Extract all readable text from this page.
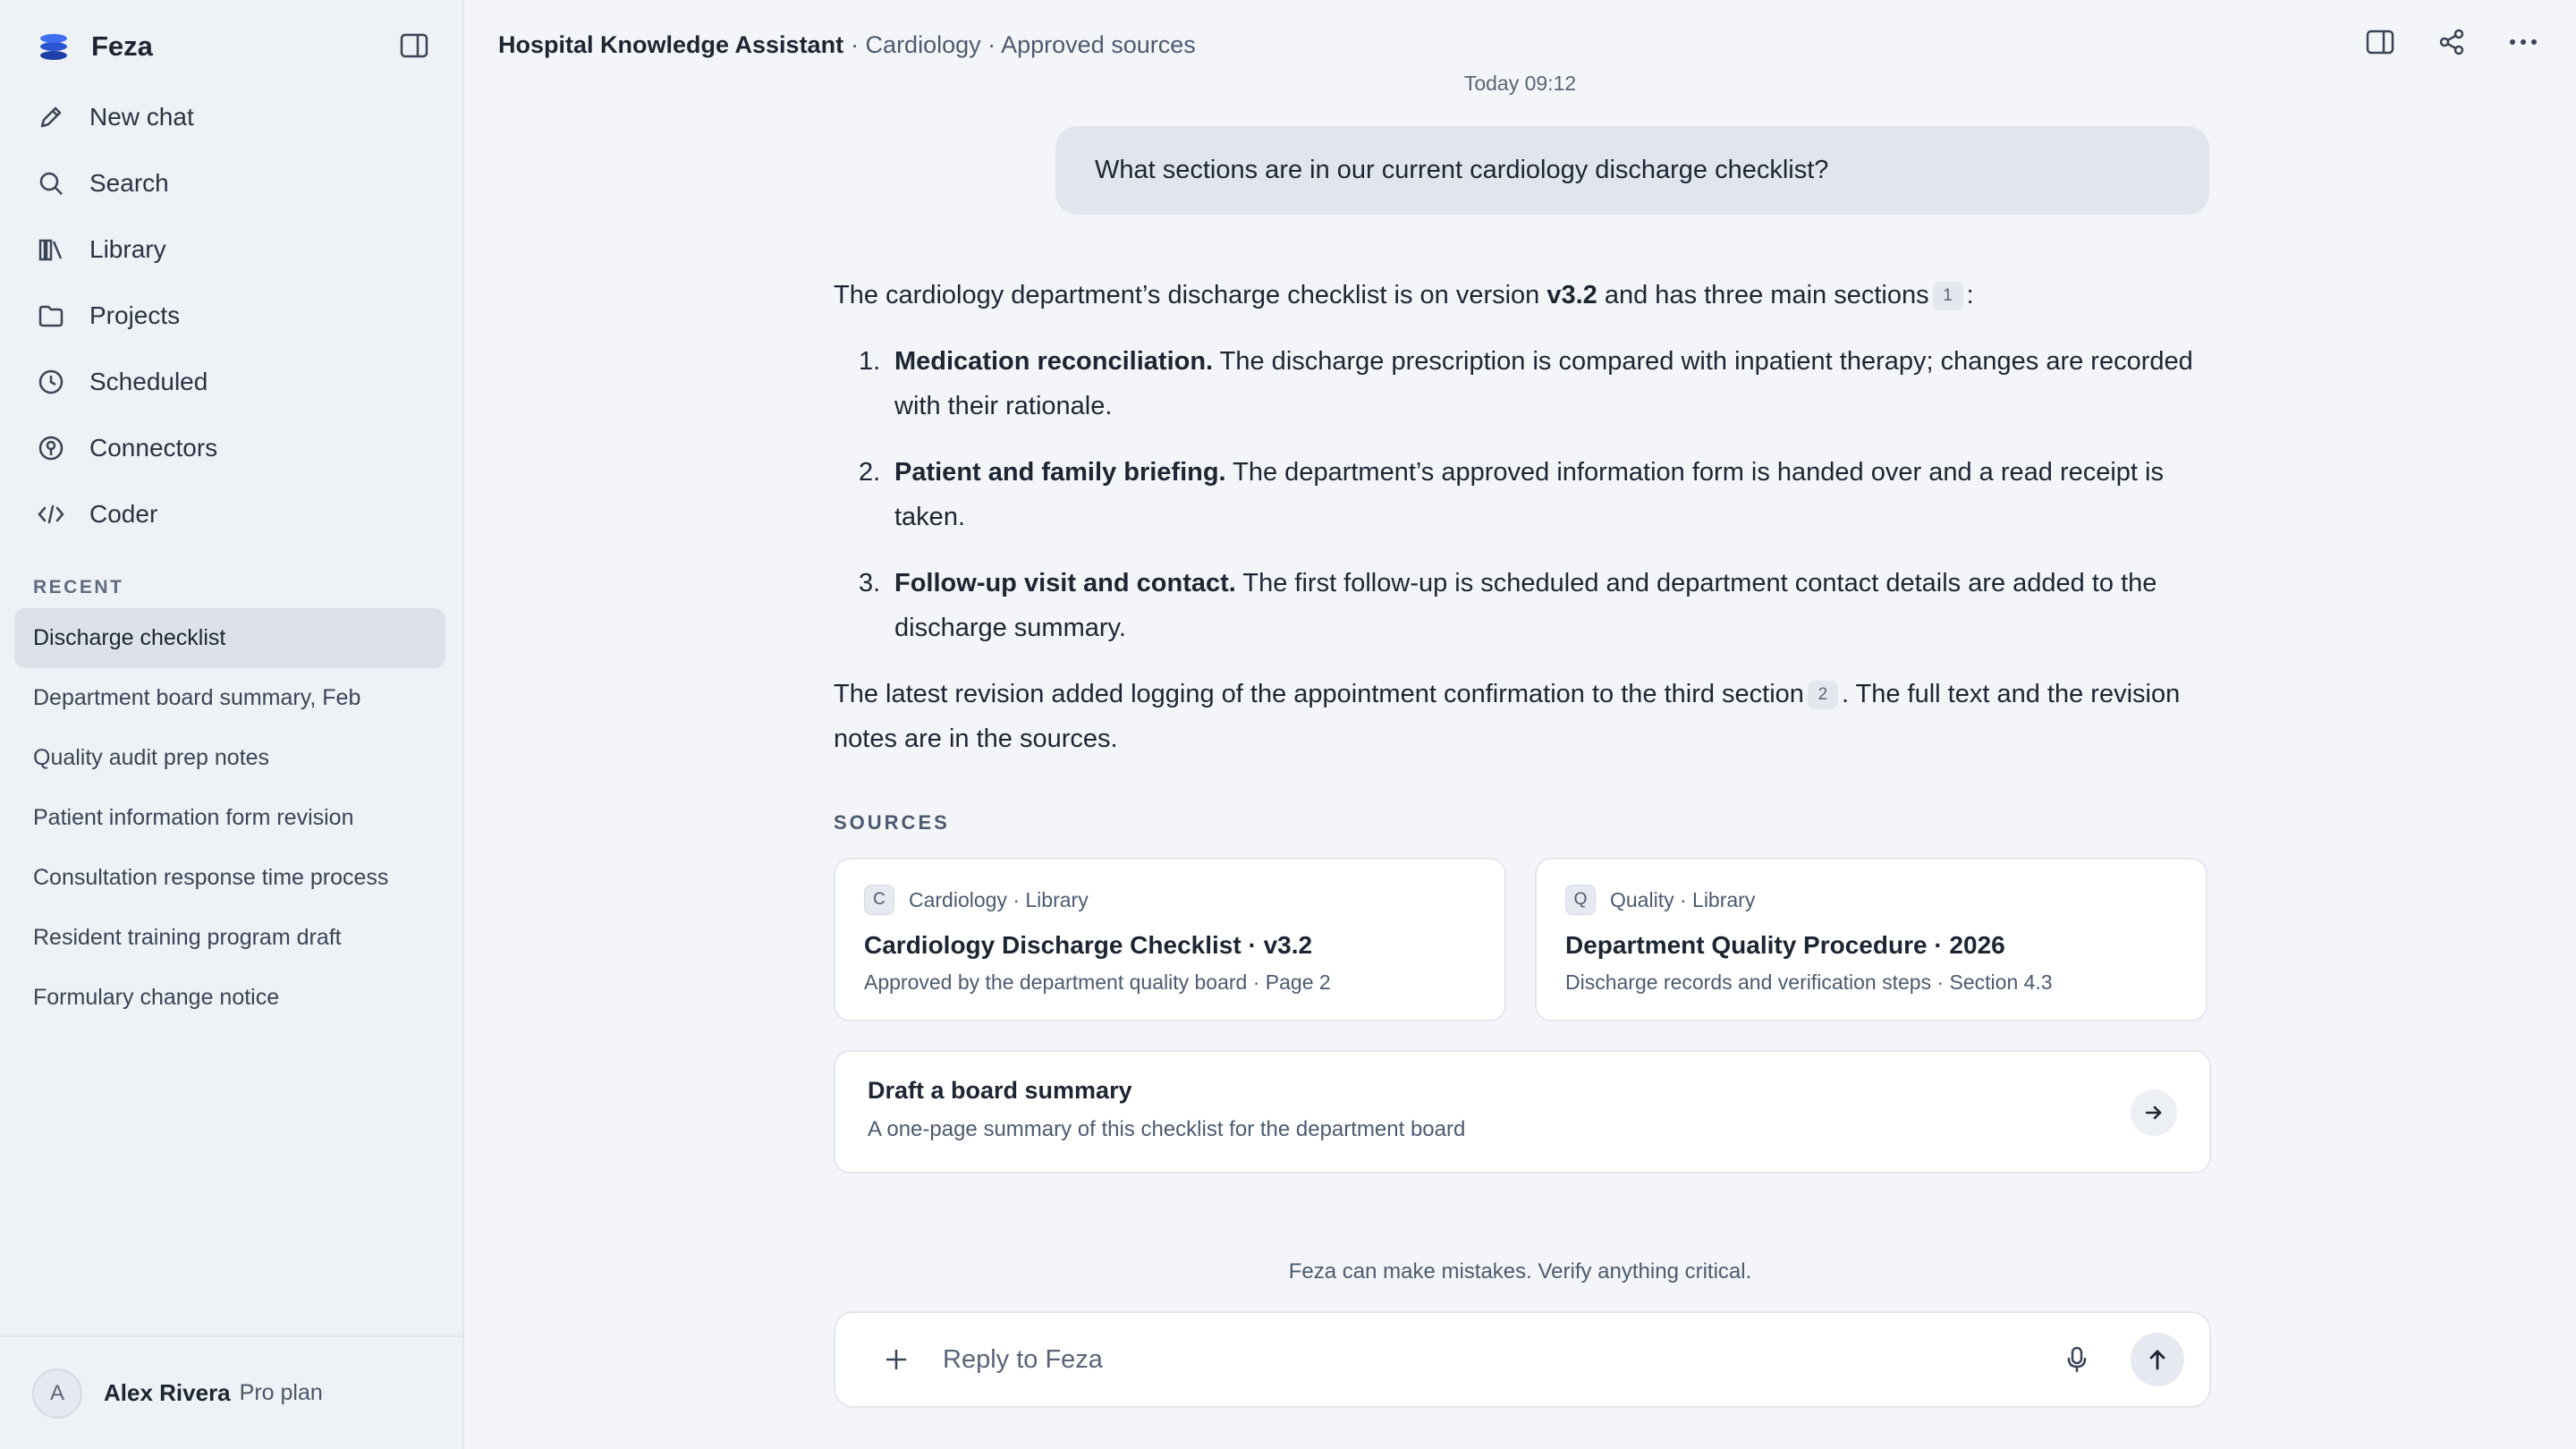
Feza
New chat
Search
Library
Projects
Scheduled
Connectors
Coder
RECENT
Discharge checklist
Department board summary, Feb
Quality audit prep notes
Patient information form revision
Consultation response time process
Resident training program draft
Formulary change notice
A	Alex Rivera Pro plan
Hospital Knowledge Assistant · Cardiology · Approved sources
Today 09:12
What sections are in our current cardiology discharge checklist?

The cardiology department’s discharge checklist is on version v3.2 and has three main sections 1 :

1. Medication reconciliation. The discharge prescription is compared with inpatient therapy; changes are recorded with their rationale.
2. Patient and family briefing. The department’s approved information form is handed over and a read receipt is taken.
3. Follow-up visit and contact. The first follow-up is scheduled and department contact details are added to the discharge summary.

The latest revision added logging of the appointment confirmation to the third section 2 . The full text and the revision notes are in the sources.

SOURCES
C	Cardiology · Library
Cardiology Discharge Checklist · v3.2
Approved by the department quality board · Page 2
Q	Quality · Library
Department Quality Procedure · 2026
Discharge records and verification steps · Section 4.3
Draft a board summary
A one-page summary of this checklist for the department board
Feza can make mistakes. Verify anything critical.
Reply to Feza
